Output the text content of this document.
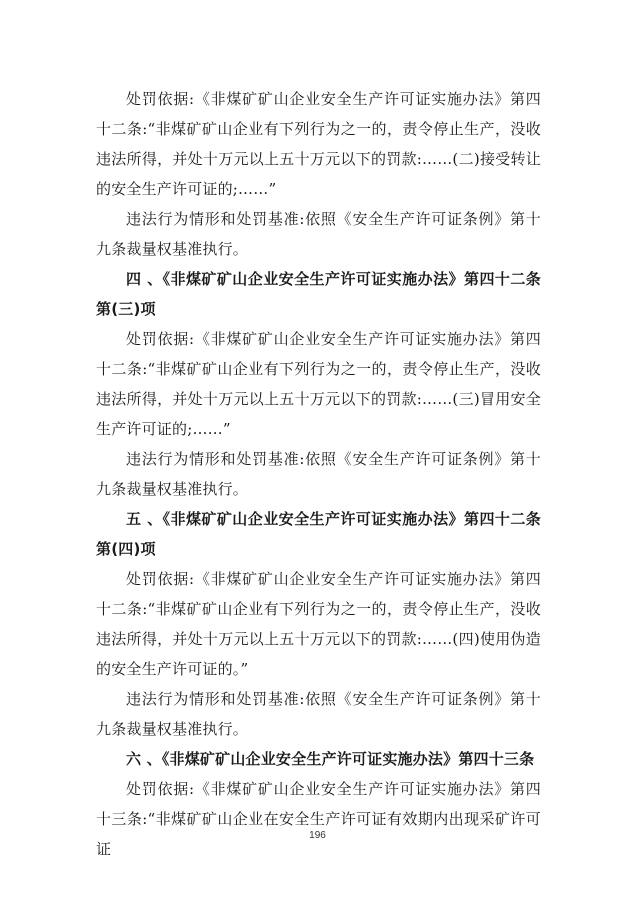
处罚依据:《非煤矿矿山企业安全生产许可证实施办法》第四十二条:“非煤矿矿山企业有下列行为之一的，责令停止生产，没收违法所得，并处十万元以上五十万元以下的罚款:……(二)接受转让的安全生产许可证的;……”

违法行为情形和处罚基准:依照《安全生产许可证条例》第十九条裁量权基准执行。

四 、《非煤矿矿山企业安全生产许可证实施办法》第四十二条第(三)项

处罚依据:《非煤矿矿山企业安全生产许可证实施办法》第四十二条:“非煤矿矿山企业有下列行为之一的，责令停止生产，没收违法所得，并处十万元以上五十万元以下的罚款:……(三)冒用安全生产许可证的;……”

违法行为情形和处罚基准:依照《安全生产许可证条例》第十九条裁量权基准执行。

五 、《非煤矿矿山企业安全生产许可证实施办法》第四十二条第(四)项

处罚依据:《非煤矿矿山企业安全生产许可证实施办法》第四十二条:“非煤矿矿山企业有下列行为之一的，责令停止生产，没收违法所得，并处十万元以上五十万元以下的罚款:……(四)使用伪造的安全生产许可证的。”

违法行为情形和处罚基准:依照《安全生产许可证条例》第十九条裁量权基准执行。

六 、《非煤矿矿山企业安全生产许可证实施办法》第四十三条

处罚依据:《非煤矿矿山企业安全生产许可证实施办法》第四十三条:“非煤矿矿山企业在安全生产许可证有效期内出现采矿许可证

196
